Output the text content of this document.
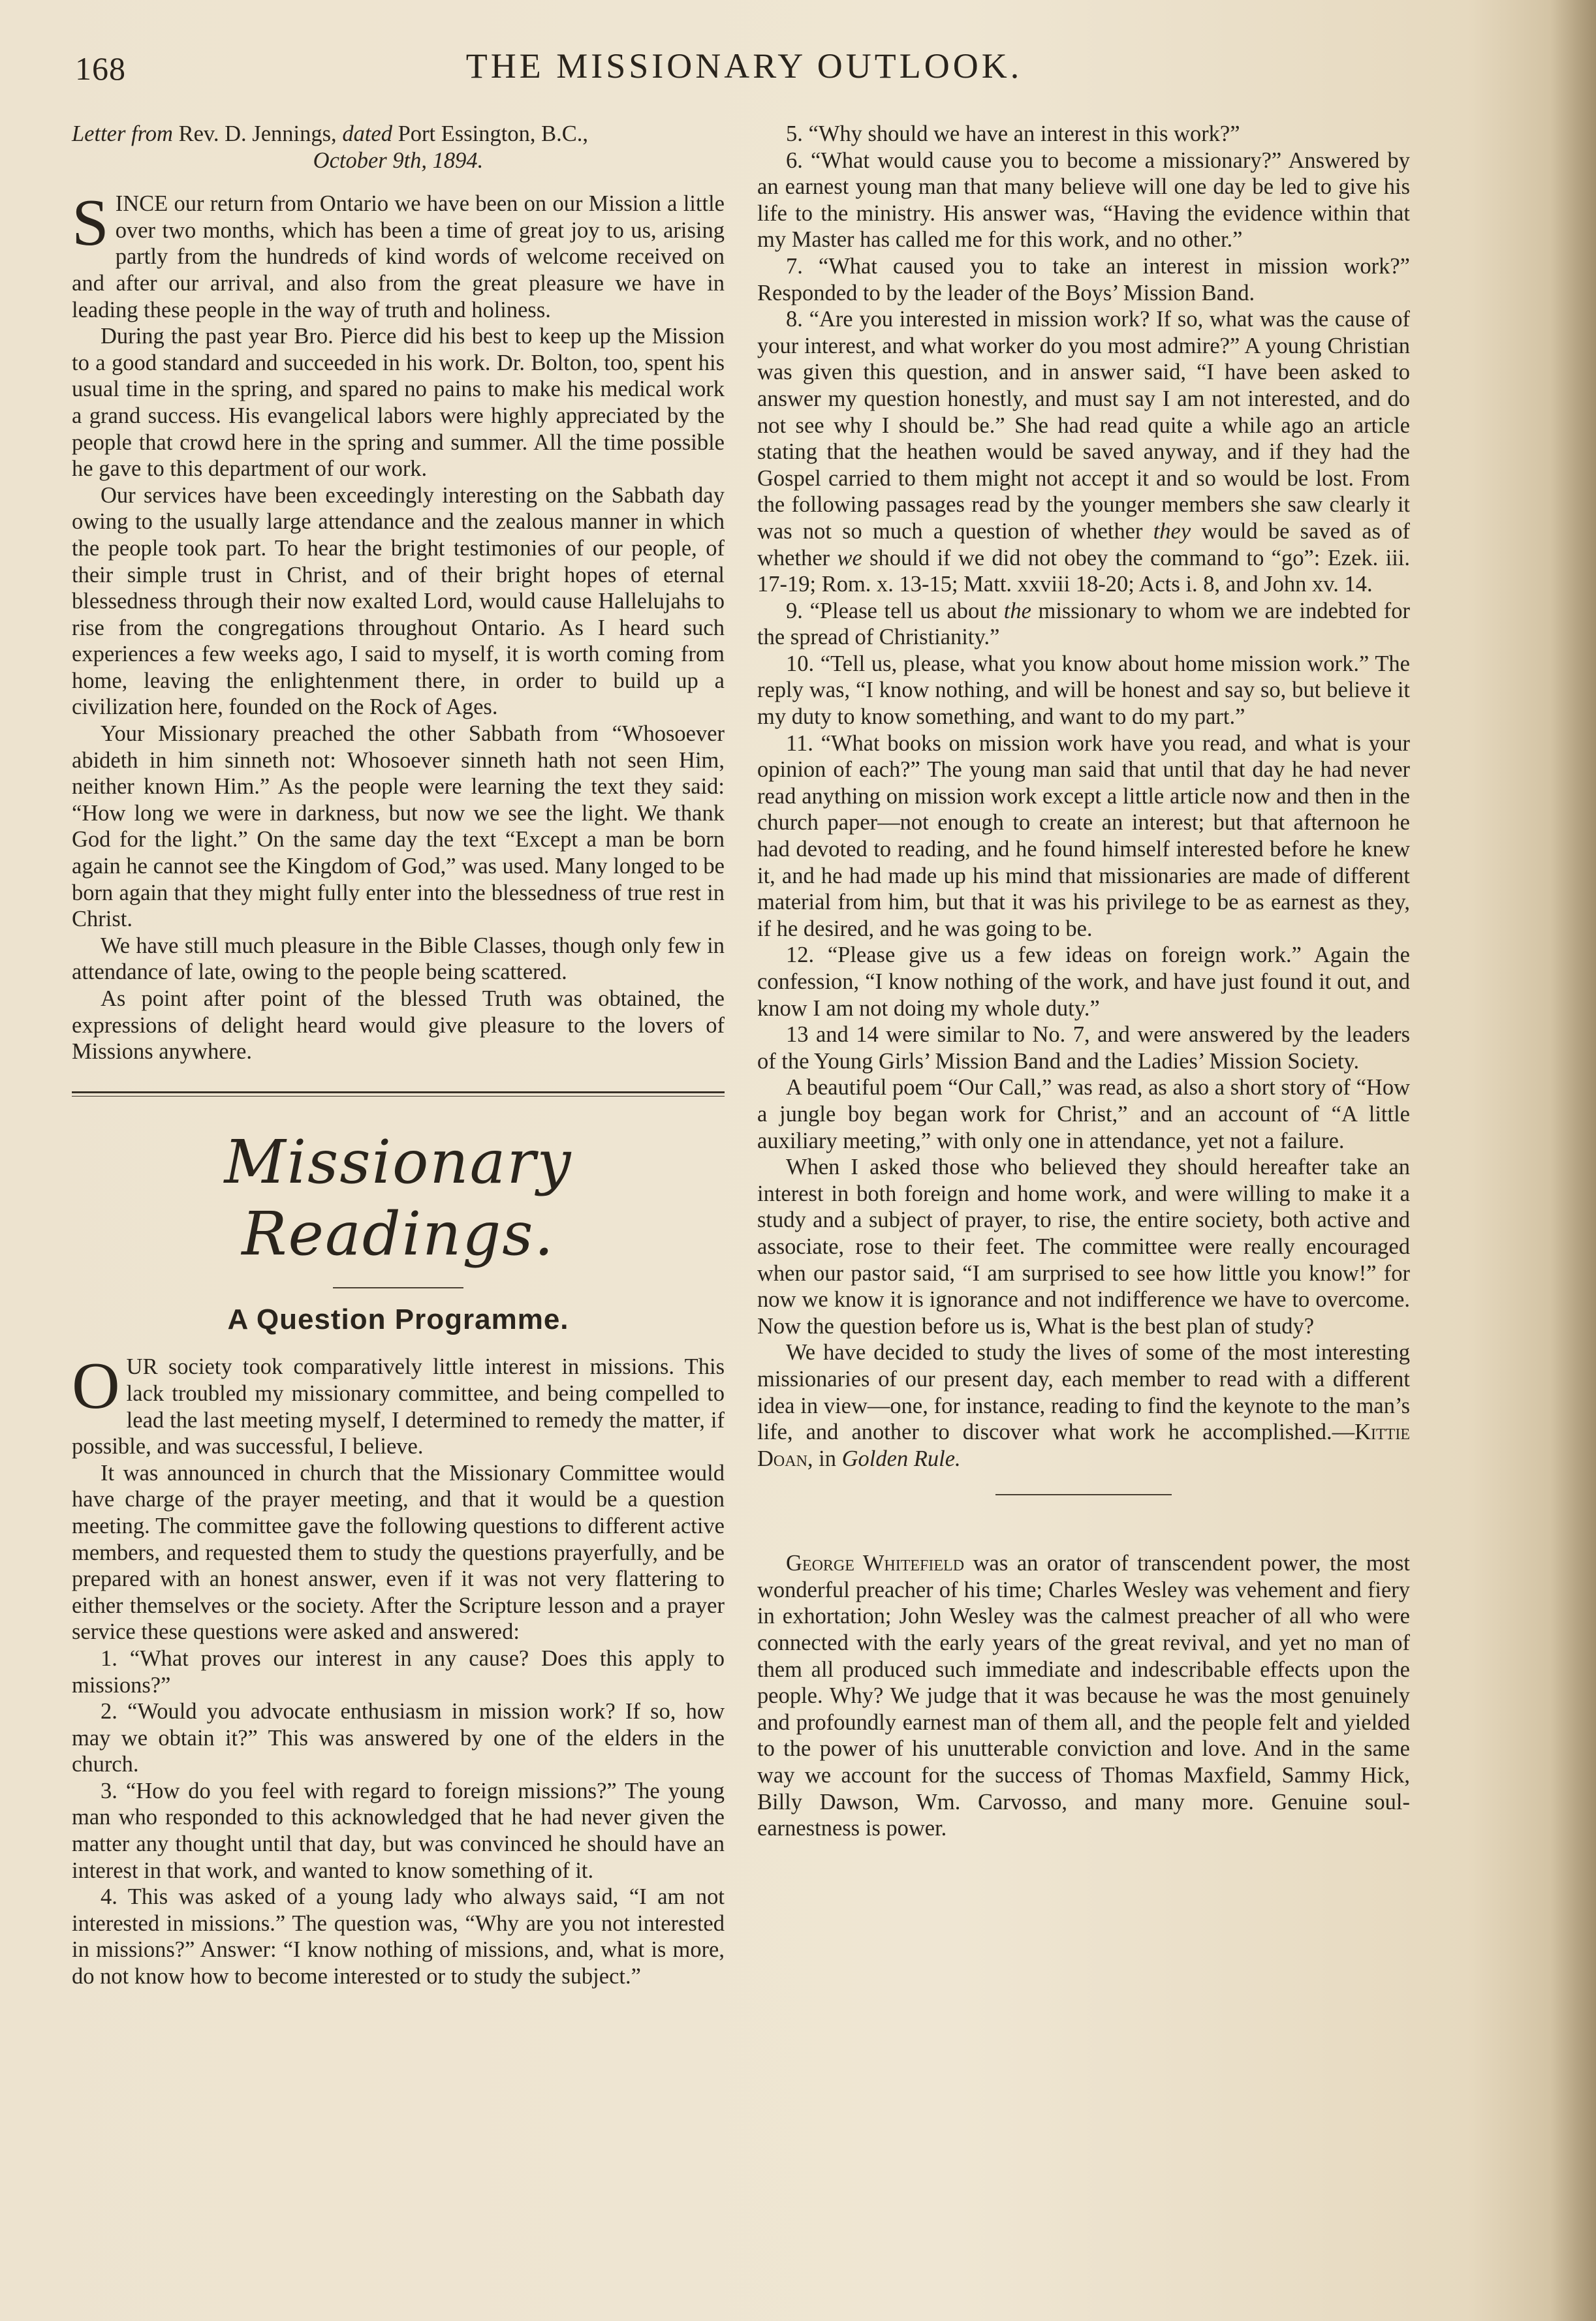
168	THE MISSIONARY OUTLOOK.
Letter from Rev. D. Jennings, dated Port Essington, B.C.,
October 9th, 1894.

SINCE our return from Ontario we have been on our Mission a little over two months, which has been a time of great joy to us, arising partly from the hundreds of kind words of welcome received on and after our arrival, and also from the great pleasure we have in leading these people in the way of truth and holiness.

During the past year Bro. Pierce did his best to keep up the Mission to a good standard and succeeded in his work. Dr. Bolton, too, spent his usual time in the spring, and spared no pains to make his medical work a grand success. His evangelical labors were highly appreciated by the people that crowd here in the spring and summer. All the time possible he gave to this department of our work.

Our services have been exceedingly interesting on the Sabbath day owing to the usually large attendance and the zealous manner in which the people took part. To hear the bright testimonies of our people, of their simple trust in Christ, and of their bright hopes of eternal blessedness through their now exalted Lord, would cause Hallelujahs to rise from the congregations throughout Ontario. As I heard such experiences a few weeks ago, I said to myself, it is worth coming from home, leaving the enlightenment there, in order to build up a civilization here, founded on the Rock of Ages.

Your Missionary preached the other Sabbath from “Whosoever abideth in him sinneth not: Whosoever sinneth hath not seen Him, neither known Him.” As the people were learning the text they said: “How long we were in darkness, but now we see the light. We thank God for the light.” On the same day the text “Except a man be born again he cannot see the Kingdom of God,” was used. Many longed to be born again that they might fully enter into the blessedness of true rest in Christ.

We have still much pleasure in the Bible Classes, though only few in attendance of late, owing to the people being scattered.

As point after point of the blessed Truth was obtained, the expressions of delight heard would give pleasure to the lovers of Missions anywhere.

Missionary Readings.
A Question Programme.

OUR society took comparatively little interest in missions. This lack troubled my missionary committee, and being compelled to lead the last meeting myself, I determined to remedy the matter, if possible, and was successful, I believe.

It was announced in church that the Missionary Committee would have charge of the prayer meeting, and that it would be a question meeting. The committee gave the following questions to different active members, and requested them to study the questions prayerfully, and be prepared with an honest answer, even if it was not very flattering to either themselves or the society. After the Scripture lesson and a prayer service these questions were asked and answered:

1. “What proves our interest in any cause? Does this apply to missions?”

2. “Would you advocate enthusiasm in mission work? If so, how may we obtain it?” This was answered by one of the elders in the church.

3. “How do you feel with regard to foreign missions?” The young man who responded to this acknowledged that he had never given the matter any thought until that day, but was convinced he should have an interest in that work, and wanted to know something of it.

4. This was asked of a young lady who always said, “I am not interested in missions.” The question was, “Why are you not interested in missions?” Answer: “I know nothing of missions, and, what is more, do not know how to become interested or to study the subject.”

5. “Why should we have an interest in this work?”

6. “What would cause you to become a missionary?” Answered by an earnest young man that many believe will one day be led to give his life to the ministry. His answer was, “Having the evidence within that my Master has called me for this work, and no other.”

7. “What caused you to take an interest in mission work?” Responded to by the leader of the Boys’ Mission Band.

8. “Are you interested in mission work? If so, what was the cause of your interest, and what worker do you most admire?” A young Christian was given this question, and in answer said, “I have been asked to answer my question honestly, and must say I am not interested, and do not see why I should be.” She had read quite a while ago an article stating that the heathen would be saved anyway, and if they had the Gospel carried to them might not accept it and so would be lost. From the following passages read by the younger members she saw clearly it was not so much a question of whether they would be saved as of whether we should if we did not obey the command to “go”: Ezek. iii. 17-19; Rom. x. 13-15; Matt. xxviii 18-20; Acts i. 8, and John xv. 14.

9. “Please tell us about the missionary to whom we are indebted for the spread of Christianity.”

10. “Tell us, please, what you know about home mission work.” The reply was, “I know nothing, and will be honest and say so, but believe it my duty to know something, and want to do my part.”

11. “What books on mission work have you read, and what is your opinion of each?” The young man said that until that day he had never read anything on mission work except a little article now and then in the church paper—not enough to create an interest; but that afternoon he had devoted to reading, and he found himself interested before he knew it, and he had made up his mind that missionaries are made of different material from him, but that it was his privilege to be as earnest as they, if he desired, and he was going to be.

12. “Please give us a few ideas on foreign work.” Again the confession, “I know nothing of the work, and have just found it out, and know I am not doing my whole duty.”

13 and 14 were similar to No. 7, and were answered by the leaders of the Young Girls’ Mission Band and the Ladies’ Mission Society.

A beautiful poem “Our Call,” was read, as also a short story of “How a jungle boy began work for Christ,” and an account of “A little auxiliary meeting,” with only one in attendance, yet not a failure.

When I asked those who believed they should hereafter take an interest in both foreign and home work, and were willing to make it a study and a subject of prayer, to rise, the entire society, both active and associate, rose to their feet. The committee were really encouraged when our pastor said, “I am surprised to see how little you know!” for now we know it is ignorance and not indifference we have to overcome. Now the question before us is, What is the best plan of study?

We have decided to study the lives of some of the most interesting missionaries of our present day, each member to read with a different idea in view—one, for instance, reading to find the keynote to the man’s life, and another to discover what work he accomplished.—Kittie Doan, in Golden Rule.

George Whitefield was an orator of transcendent power, the most wonderful preacher of his time; Charles Wesley was vehement and fiery in exhortation; John Wesley was the calmest preacher of all who were connected with the early years of the great revival, and yet no man of them all produced such immediate and indescribable effects upon the people. Why? We judge that it was because he was the most genuinely and profoundly earnest man of them all, and the people felt and yielded to the power of his unutterable conviction and love. And in the same way we account for the success of Thomas Maxfield, Sammy Hick, Billy Dawson, Wm. Carvosso, and many more. Genuine soul-earnestness is power.
